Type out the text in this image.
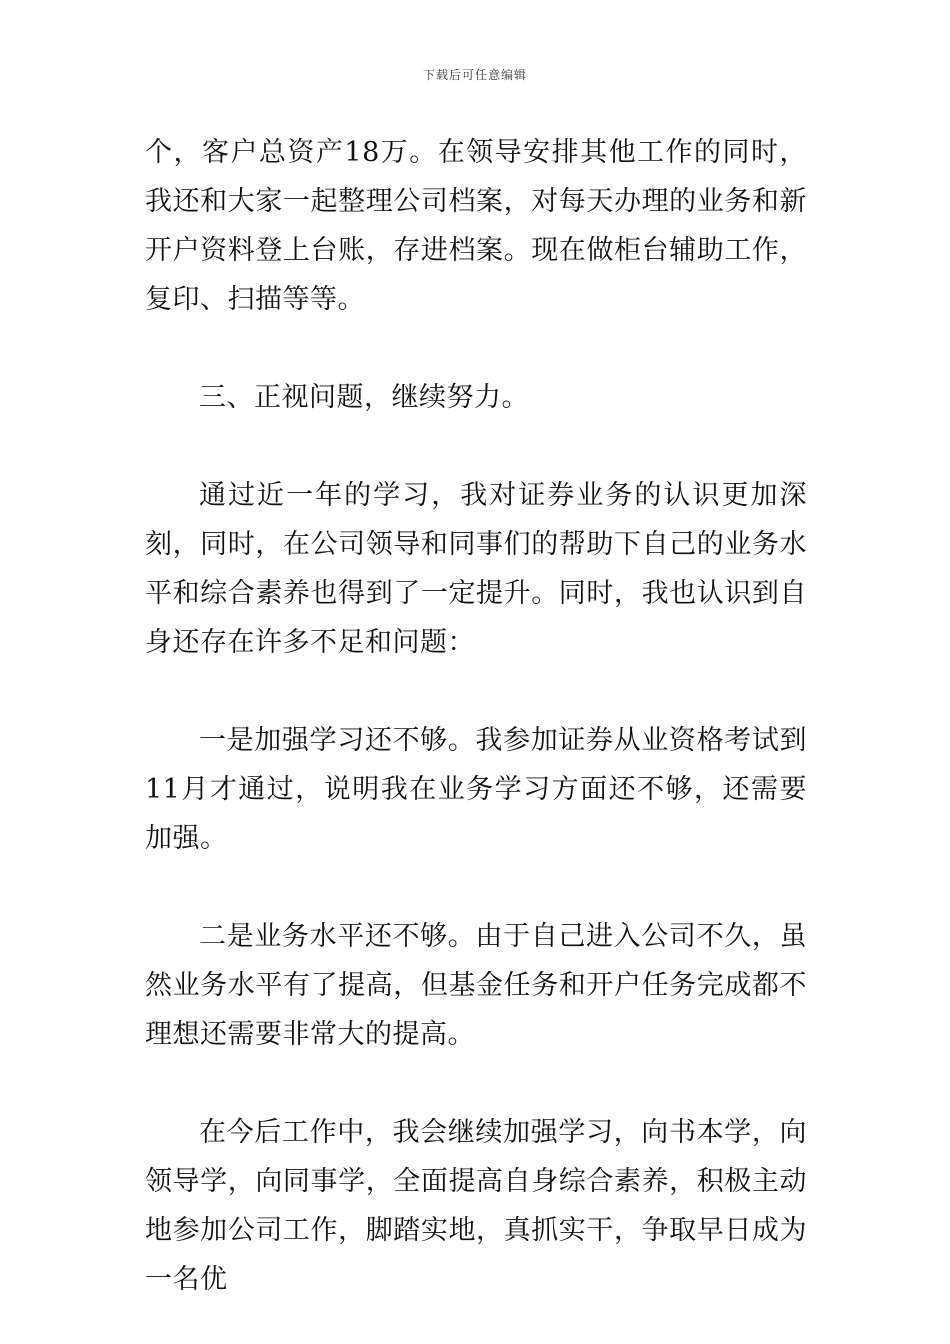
下载后可任意编辑

个，客户总资产18万。在领导安排其他工作的同时，我还和大家一起整理公司档案，对每天办理的业务和新开户资料登上台账，存进档案。现在做柜台辅助工作，复印、扫描等等。

三、正视问题，继续努力。

通过近一年的学习，我对证券业务的认识更加深刻，同时，在公司领导和同事们的帮助下自己的业务水平和综合素养也得到了一定提升。同时，我也认识到自身还存在许多不足和问题：

一是加强学习还不够。我参加证券从业资格考试到11月才通过，说明我在业务学习方面还不够，还需要加强。

二是业务水平还不够。由于自己进入公司不久，虽然业务水平有了提高，但基金任务和开户任务完成都不理想还需要非常大的提高。

在今后工作中，我会继续加强学习，向书本学，向领导学，向同事学，全面提高自身综合素养，积极主动地参加公司工作，脚踏实地，真抓实干，争取早日成为一名优
